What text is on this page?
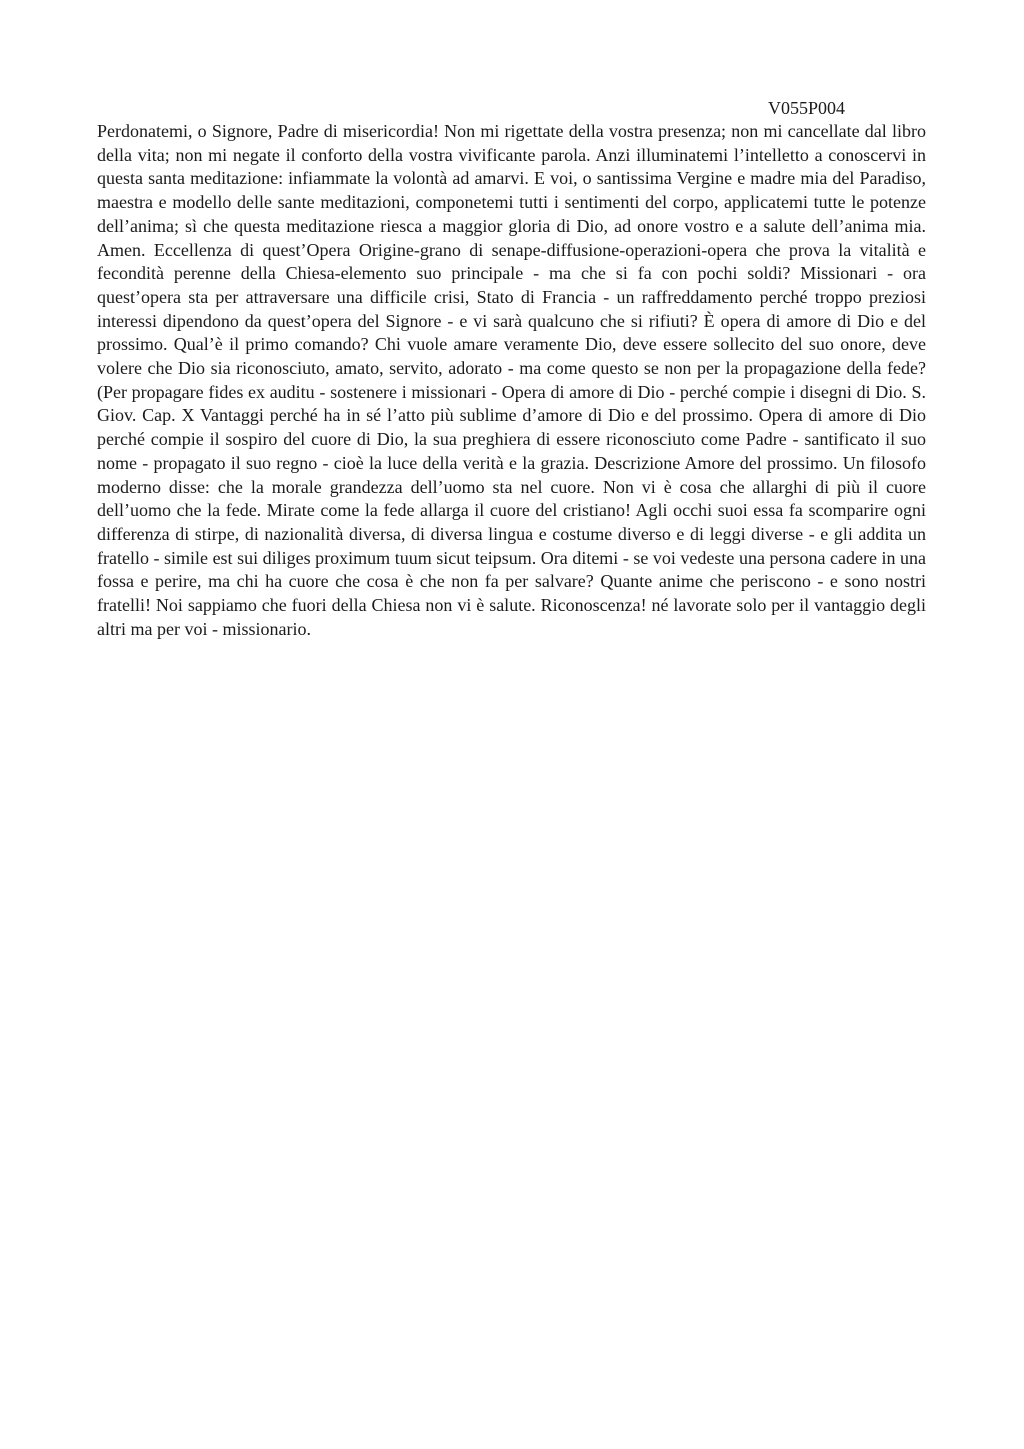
V055P004

Perdonatemi, o Signore, Padre di misericordia! Non mi rigettate della vostra presenza; non mi cancellate dal libro della vita; non mi negate il conforto della vostra vivificante parola. Anzi illuminatemi l’intelletto a conoscervi in questa santa meditazione: infiammate la volontà ad amarvi. E voi, o santissima Vergine e madre mia del Paradiso, maestra e modello delle sante meditazioni, componetemi tutti i sentimenti del corpo, applicatemi tutte le potenze dell’anima; sì che questa meditazione riesca a maggior gloria di Dio, ad onore vostro e a salute dell’anima mia. Amen. Eccellenza di quest’Opera Origine-grano di senape-diffusione-operazioni-opera che prova la vitalità e fecondità perenne della Chiesa-elemento suo principale - ma che si fa con pochi soldi? Missionari - ora quest’opera sta per attraversare una difficile crisi, Stato di Francia - un raffreddamento perché troppo preziosi interessi dipendono da quest’opera del Signore - e vi sarà qualcuno che si rifiuti? È opera di amore di Dio e del prossimo. Qual’è il primo comando? Chi vuole amare veramente Dio, deve essere sollecito del suo onore, deve volere che Dio sia riconosciuto, amato, servito, adorato - ma come questo se non per la propagazione della fede? (Per propagare fides ex auditu - sostenere i missionari - Opera di amore di Dio - perché compie i disegni di Dio. S. Giov. Cap. X Vantaggi perché ha in sé l’atto più sublime d’amore di Dio e del prossimo. Opera di amore di Dio perché compie il sospiro del cuore di Dio, la sua preghiera di essere riconosciuto come Padre - santificato il suo nome - propagato il suo regno - cioè la luce della verità e la grazia. Descrizione Amore del prossimo. Un filosofo moderno disse: che la morale grandezza dell’uomo sta nel cuore. Non vi è cosa che allarghi di più il cuore dell’uomo che la fede. Mirate come la fede allarga il cuore del cristiano! Agli occhi suoi essa fa scomparire ogni differenza di stirpe, di nazionalità diversa, di diversa lingua e costume diverso e di leggi diverse - e gli addita un fratello - simile est sui diliges proximum tuum sicut teipsum. Ora ditemi - se voi vedeste una persona cadere in una fossa e perire, ma chi ha cuore che cosa è che non fa per salvare? Quante anime che periscono - e sono nostri fratelli! Noi sappiamo che fuori della Chiesa non vi è salute. Riconoscenza! né lavorate solo per il vantaggio degli altri ma per voi - missionario.
